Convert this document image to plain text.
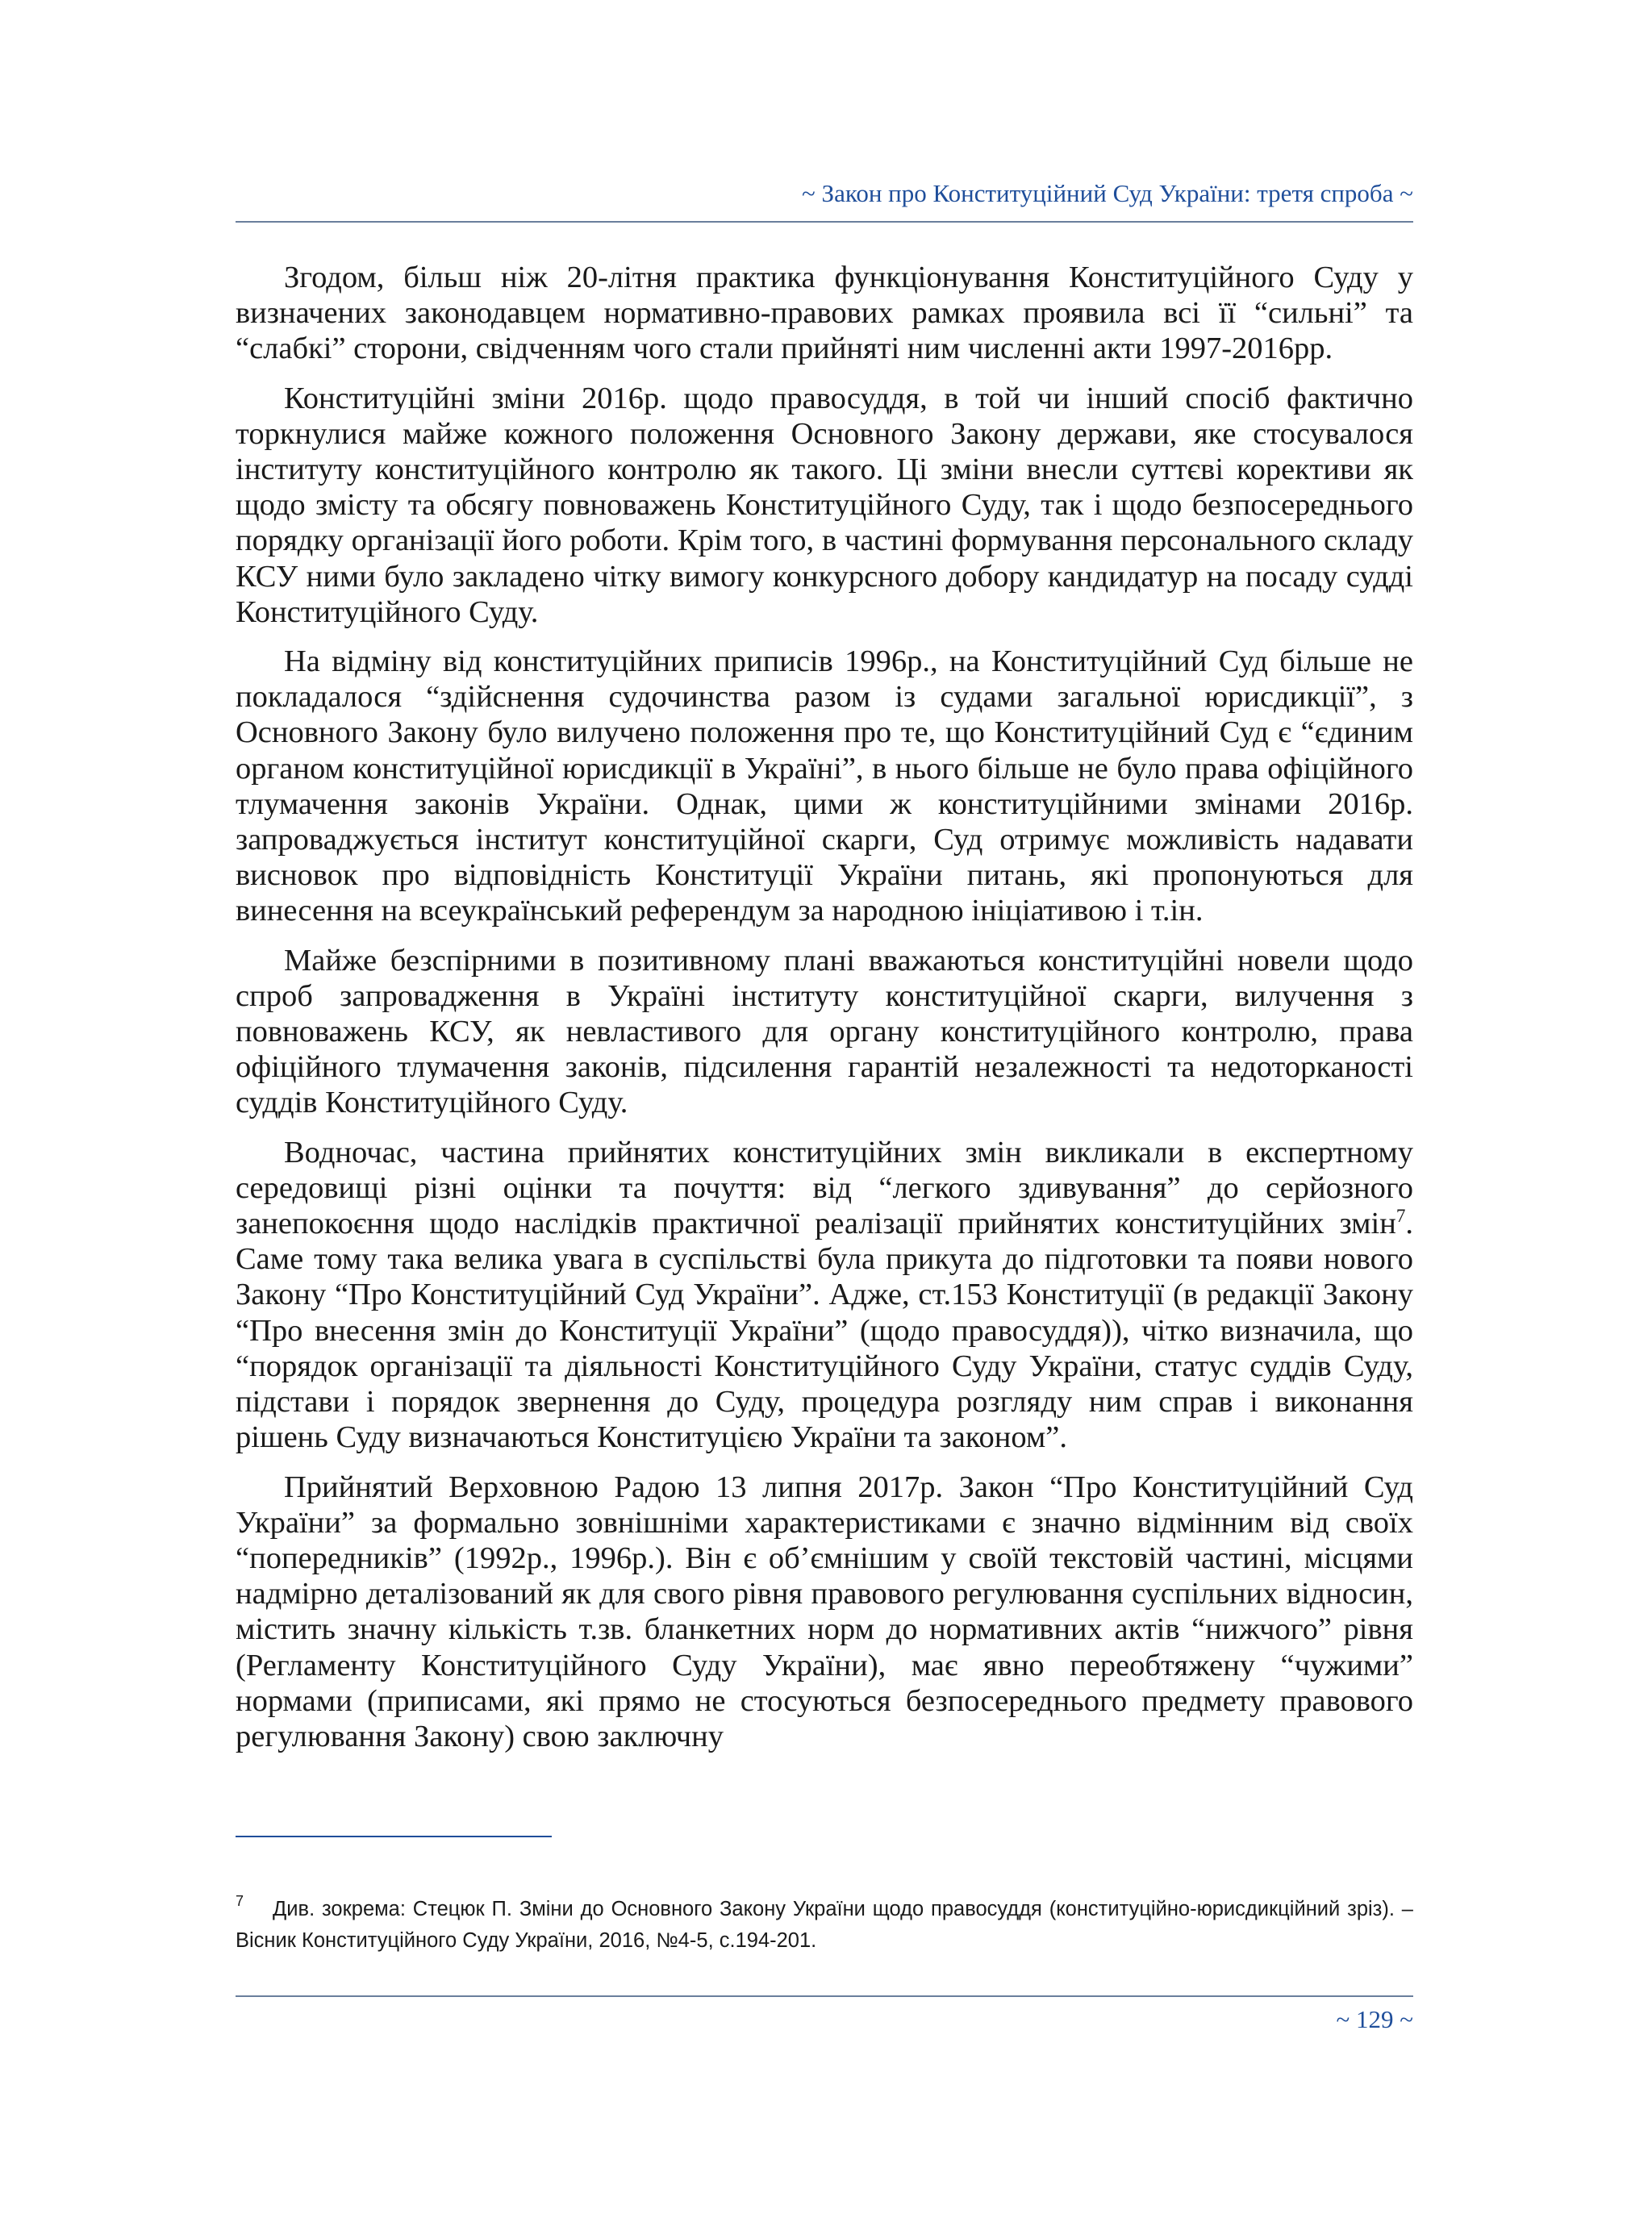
~ Закон про Конституційний Суд України: третя спроба ~

Згодом, більш ніж 20-літня практика функціонування Конституційного Суду у визначених законодавцем нормативно-правових рамках проявила всі її “сильні” та “слабкі” сторони, свідченням чого стали прийняті ним численні акти 1997-2016рр.

Конституційні зміни 2016р. щодо правосуддя, в той чи інший спосіб фактично торкнулися майже кожного положення Основного Закону держави, яке стосувалося інституту конституційного контролю як такого. Ці зміни внесли суттєві корективи як щодо змісту та обсягу повноважень Конституційного Суду, так і щодо безпосереднього порядку організації його роботи. Крім того, в частині формування персонального складу КСУ ними було закладено чітку вимогу конкурсного добору кандидатур на посаду судді Конституційного Суду.

На відміну від конституційних приписів 1996р., на Конституційний Суд більше не покладалося “здійснення судочинства разом із судами загальної юрисдикції”, з Основного Закону було вилучено положення про те, що Конституційний Суд є “єдиним органом конституційної юрисдикції в Україні”, в нього більше не було права офіційного тлумачення законів України. Однак, цими ж конституційними змінами 2016р. запроваджується інститут конституційної скарги, Суд отримує можливість надавати висновок про відповідність Конституції України питань, які пропонуються для винесення на всеукраїнський референдум за народною ініціативою і т.ін.

Майже безспірними в позитивному плані вважаються конституційні новели щодо спроб запровадження в Україні інституту конституційної скарги, вилучення з повноважень КСУ, як невластивого для органу конституційного контролю, права офіційного тлумачення законів, підсилення гарантій незалежності та недоторканості суддів Конституційного Суду.

Водночас, частина прийнятих конституційних змін викликали в експертному середовищі різні оцінки та почуття: від “легкого здивування” до серйозного занепокоєння щодо наслідків практичної реалізації прийнятих конституційних змін$^7$. Саме тому така велика увага в суспільстві була прикута до підготовки та появи нового Закону “Про Конституційний Суд України”. Адже, ст.153 Конституції (в редакції Закону “Про внесення змін до Конституції України” (щодо правосуддя)), чітко визначила, що “порядок організації та діяльності Конституційного Суду України, статус суддів Суду, підстави і порядок звернення до Суду, процедура розгляду ним справ і виконання рішень Суду визначаються Конституцією України та законом”.

Прийнятий Верховною Радою 13 липня 2017р. Закон “Про Конституційний Суд України” за формально зовнішніми характеристиками є значно відмінним від своїх “попередників” (1992р., 1996р.). Він є об’ємнішим у своїй текстовій частині, місцями надмірно деталізований як для свого рівня правового регулювання суспільних відносин, містить значну кількість т.зв. бланкетних норм до нормативних актів “нижчого” рівня (Регламенту Конституційного Суду України), має явно переобтяжену “чужими” нормами (приписами, які прямо не стосуються безпосереднього предмету правового регулювання Закону) свою заключну

$^7$ Див. зокрема: Стецюк П. Зміни до Основного Закону України щодо правосуддя (конституційно-юрисдикційний зріз). – Вісник Конституційного Суду України, 2016, №4-5, с.194-201.
~ 129 ~
